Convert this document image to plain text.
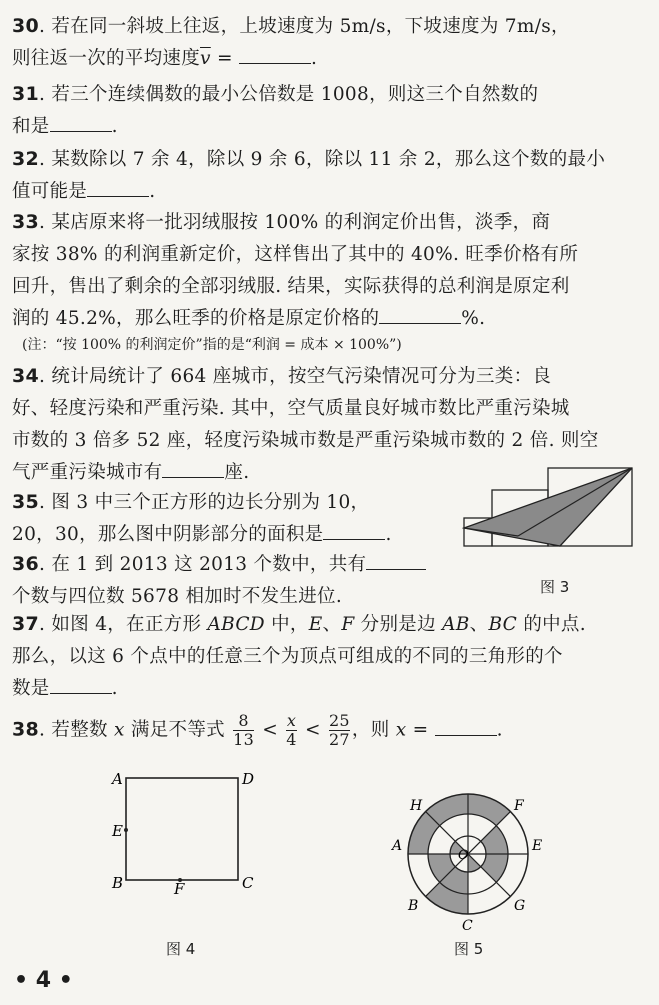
30. 若在同一斜坡上往返，上坡速度为 5m/s，下坡速度为 7m/s，
则往返一次的平均速度$\overline{v}$ =	.
31. 若三个连续偶数的最小公倍数是 1008，则这三个自然数的
和是	.
32. 某数除以 7 余 4，除以 9 余 6，除以 11 余 2，那么这个数的最小
值可能是	.
33. 某店原来将一批羽绒服按 100% 的利润定价出售，淡季，商
家按 38% 的利润重新定价，这样售出了其中的 40%. 旺季价格有所
回升，售出了剩余的全部羽绒服. 结果，实际获得的总利润是原定利
润的 45.2%，那么旺季的价格是原定价格的	%.
(注：“按 100% 的利润定价”指的是“利润 = 成本 × 100%”)
34. 统计局统计了 664 座城市，按空气污染情况可分为三类：良
好、轻度污染和严重污染. 其中，空气质量良好城市数比严重污染城
市数的 3 倍多 52 座，轻度污染城市数是严重污染城市数的 2 倍. 则空
气严重污染城市有	座.
35. 图 3 中三个正方形的边长分别为 10，
20，30，那么图中阴影部分的面积是	.
36. 在 1 到 2013 这 2013 个数中，共有
个数与四位数 5678 相加时不发生进位.	图 3
37. 如图 4，在正方形 ABCD 中，E、F 分别是边 AB、BC 的中点.
那么，以这 6 个点中的任意三个为顶点可组成的不同的三角形的个
数是	.
38. 若整数 x 满足不等式 $\frac{8}{13} < \frac{x}{4} < \frac{25}{27}$ ，则 x =	.
A	D
E
B	C
F
图 4
H	F
A	E
O
B	G
C
图 5
• 4 •
